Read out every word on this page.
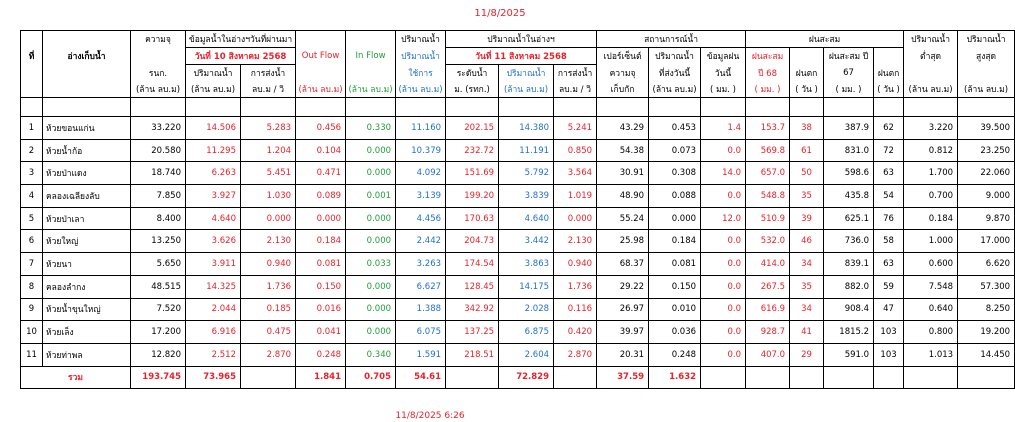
11/8/2025
		ความจุ	ข้อมูลน้ำในอ่างฯวันที่ผ่านมา				ปริมาณน้ำ	ปริมาณน้ำในอ่างฯ			สถานการณ์น้ำ			ฝนสะสม				ปริมาณน้ำ	ปริมาณน้ำ
ที่	อ่างเก็บน้ำ		วันที่ 10 สิงหาคม 2568		Out Flow	In Flow	ปริมาณน้ำ	วันที่ 11 สิงหาคม 2568			เปอร์เซ็นต์	ปริมาณน้ำ	ข้อมูลฝน	ฝนสะสม		ฝนสะสม ปี		ต่ำสุด	สูงสุด
		รนก.	ปริมาณน้ำ	การส่งน้ำ			ใช้การ	ระดับน้ำ	ปริมาณน้ำ	การส่งน้ำ	ความจุ	ที่ส่งวันนี้	วันนี้	ปี 68	ฝนตก	67	ฝนตก		
		(ล้าน ลบ.ม)	(ล้าน ลบ.ม)	ลบ.ม / วิ	(ล้าน ลบ.ม)	(ล้าน ลบ.ม)	(ล้าน ลบ.ม)	ม. (รทก.)	(ล้าน ลบ.ม)	ลบ.ม / วิ	เก็บกัก	(ล้าน ลบ.ม)	( มม. )	( มม. )	( วัน )	( มม. )	( วัน )	(ล้าน ลบ.ม)	(ล้าน ลบ.ม)

1	ห้วยขอนแก่น	33.220	14.506	5.283	0.456	0.330	11.160	202.15	14.380	5.241	43.29	0.453	1.4	153.7	38	387.9	62	3.220	39.500
2	ห้วยน้ำก้อ	20.580	11.295	1.204	0.104	0.000	10.379	232.72	11.191	0.850	54.38	0.073	0.0	569.8	61	831.0	72	0.812	23.250
3	ห้วยป่าแดง	18.740	6.263	5.451	0.471	0.000	4.092	151.69	5.792	3.564	30.91	0.308	14.0	657.0	50	598.6	63	1.700	22.060
4	คลองเฉลียงลับ	7.850	3.927	1.030	0.089	0.001	3.139	199.20	3.839	1.019	48.90	0.088	0.0	548.8	35	435.8	54	0.700	9.000
5	ห้วยป่าเลา	8.400	4.640	0.000	0.000	0.000	4.456	170.63	4.640	0.000	55.24	0.000	12.0	510.9	39	625.1	76	0.184	9.870
6	ห้วยใหญ่	13.250	3.626	2.130	0.184	0.000	2.442	204.73	3.442	2.130	25.98	0.184	0.0	532.0	46	736.0	58	1.000	17.000
7	ห้วยนา	5.650	3.911	0.940	0.081	0.033	3.263	174.54	3.863	0.940	68.37	0.081	0.0	414.0	34	839.1	63	0.600	6.620
8	คลองลำกง	48.515	14.325	1.736	0.150	0.000	6.627	128.45	14.175	1.736	29.22	0.150	0.0	267.5	35	882.0	59	7.548	57.300
9	ห้วยน้ำขุนใหญ่	7.520	2.044	0.185	0.016	0.000	1.388	342.92	2.028	0.116	26.97	0.010	0.0	616.9	34	908.4	47	0.640	8.250
10	ห้วยเล็ง	17.200	6.916	0.475	0.041	0.000	6.075	137.25	6.875	0.420	39.97	0.036	0.0	928.7	41	1815.2	103	0.800	19.200
11	ห้วยท่าพล	12.820	2.512	2.870	0.248	0.340	1.591	218.51	2.604	2.870	20.31	0.248	0.0	407.0	29	591.0	103	1.013	14.450
รวม		193.745	73.965		1.841	0.705	54.61		72.829		37.59	1.632							
11/8/2025 6:26
